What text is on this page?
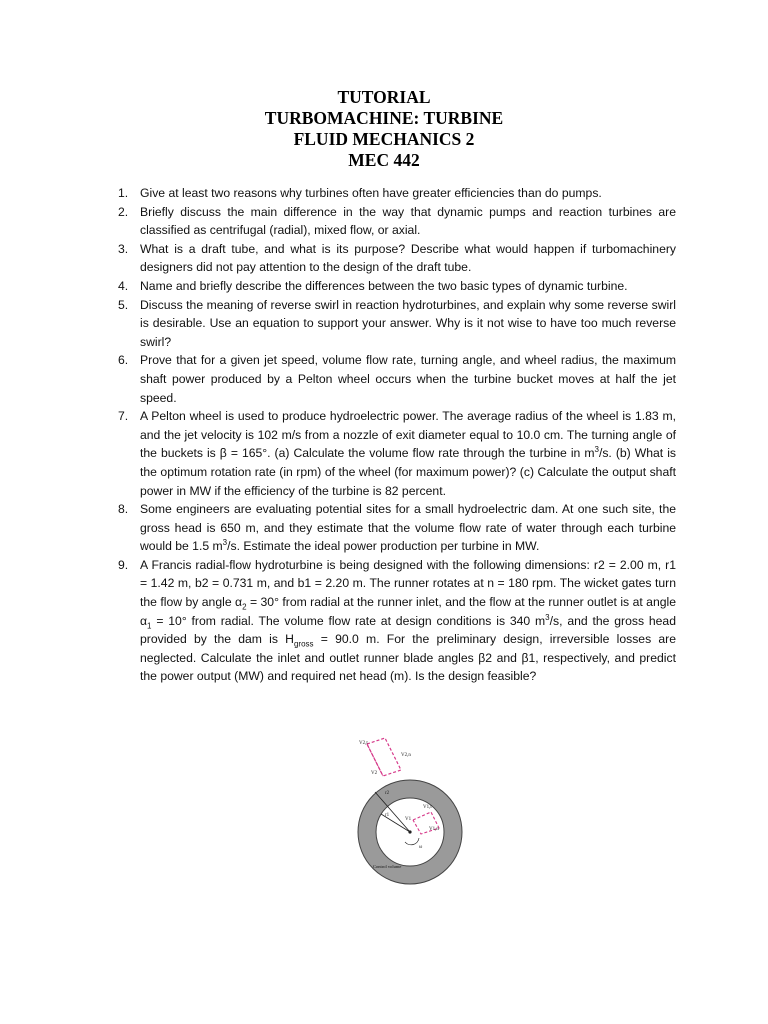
TUTORIAL
TURBOMACHINE: TURBINE
FLUID MECHANICS 2
MEC 442
1. Give at least two reasons why turbines often have greater efficiencies than do pumps.
2. Briefly discuss the main difference in the way that dynamic pumps and reaction turbines are classified as centrifugal (radial), mixed flow, or axial.
3. What is a draft tube, and what is its purpose? Describe what would happen if turbomachinery designers did not pay attention to the design of the draft tube.
4. Name and briefly describe the differences between the two basic types of dynamic turbine.
5. Discuss the meaning of reverse swirl in reaction hydroturbines, and explain why some reverse swirl is desirable. Use an equation to support your answer. Why is it not wise to have too much reverse swirl?
6. Prove that for a given jet speed, volume flow rate, turning angle, and wheel radius, the maximum shaft power produced by a Pelton wheel occurs when the turbine bucket moves at half the jet speed.
7. A Pelton wheel is used to produce hydroelectric power. The average radius of the wheel is 1.83 m, and the jet velocity is 102 m/s from a nozzle of exit diameter equal to 10.0 cm. The turning angle of the buckets is β = 165°. (a) Calculate the volume flow rate through the turbine in $m^3/s$. (b) What is the optimum rotation rate (in rpm) of the wheel (for maximum power)? (c) Calculate the output shaft power in MW if the efficiency of the turbine is 82 percent.
8. Some engineers are evaluating potential sites for a small hydroelectric dam. At one such site, the gross head is 650 m, and they estimate that the volume flow rate of water through each turbine would be 1.5 $m^3/s$. Estimate the ideal power production per turbine in MW.
9. A Francis radial-flow hydroturbine is being designed with the following dimensions: r2 = 2.00 m, r1 = 1.42 m, b2 = 0.731 m, and b1 = 2.20 m. The runner rotates at n = 180 rpm. The wicket gates turn the flow by angle $\alpha_2 = 30^\circ$ from radial at the runner inlet, and the flow at the runner outlet is at angle $\alpha_1 = 10^\circ$ from radial. The volume flow rate at design conditions is 340 $m^3/s$, and the gross head provided by the dam is $H_{gross} = 90.0$ m. For the preliminary design, irreversible losses are neglected. Calculate the inlet and outlet runner blade angles β2 and β1, respectively, and predict the power output (MW) and required net head (m). Is the design feasible?
V2,t
V2,n
V2
r2
r1
V1,t
V1
V1,n
ω
Control volume
